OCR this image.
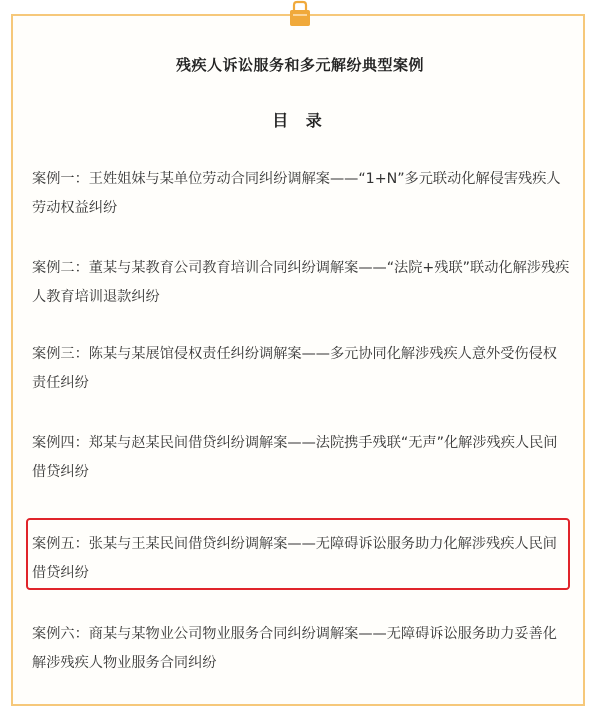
残疾人诉讼服务和多元解纷典型案例
目 录
案例一：王姓姐妹与某单位劳动合同纠纷调解案——“1+N”多元联动化解侵害残疾人劳动权益纠纷
案例二：董某与某教育公司教育培训合同纠纷调解案——“法院+残联”联动化解涉残疾人教育培训退款纠纷
案例三：陈某与某展馆侵权责任纠纷调解案——多元协同化解涉残疾人意外受伤侵权责任纠纷
案例四：郑某与赵某民间借贷纠纷调解案——法院携手残联“无声”化解涉残疾人民间借贷纠纷
案例五：张某与王某民间借贷纠纷调解案——无障碍诉讼服务助力化解涉残疾人民间借贷纠纷
案例六：商某与某物业公司物业服务合同纠纷调解案——无障碍诉讼服务助力妥善化解涉残疾人物业服务合同纠纷
